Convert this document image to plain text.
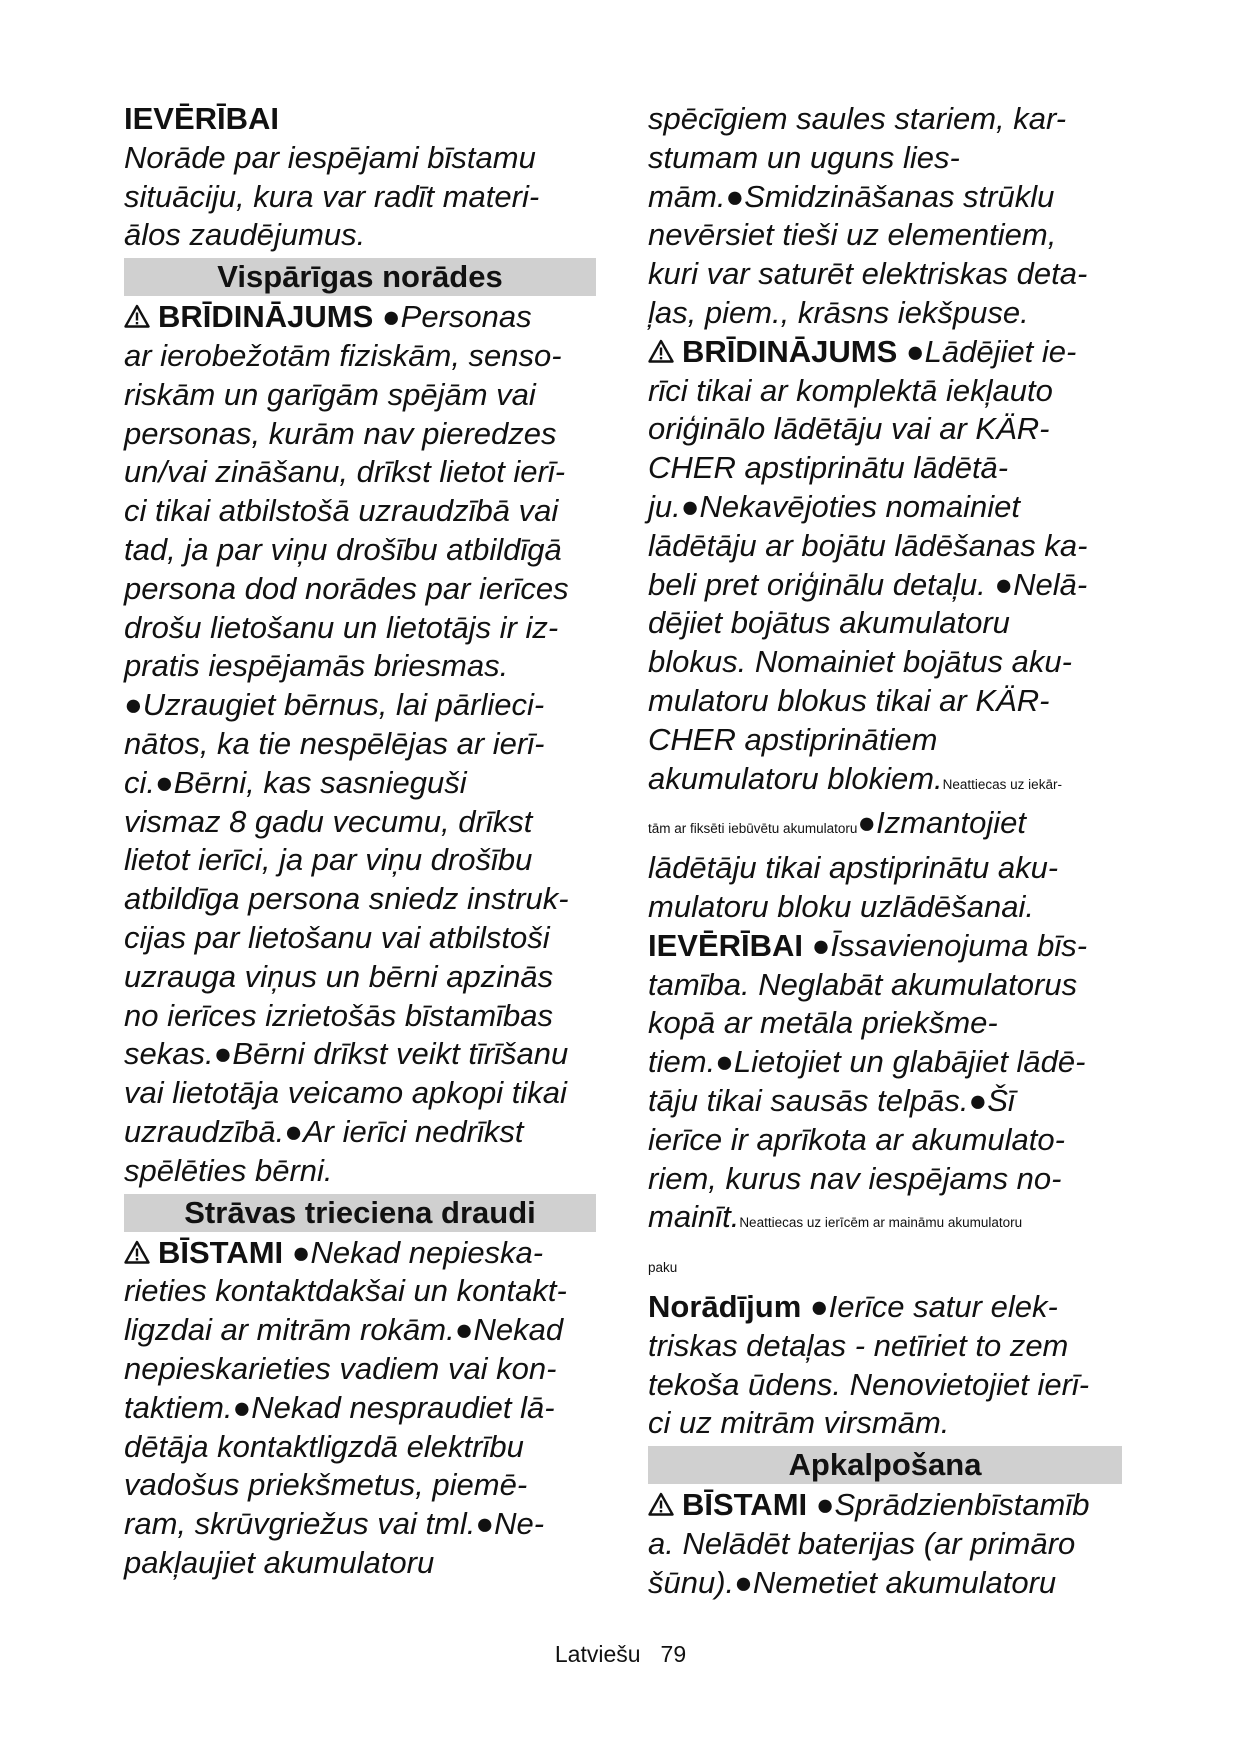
IEVĒRĪBAI
Norāde par iespējami bīstamu
situāciju, kura var radīt materi-
ālos zaudējumus.
Vispārīgas norādes
BRĪDINĀJUMS ●Personas
ar ierobežotām fiziskām, senso-
riskām un garīgām spējām vai
personas, kurām nav pieredzes
un/vai zināšanu, drīkst lietot ierī-
ci tikai atbilstošā uzraudzībā vai
tad, ja par viņu drošību atbildīgā
persona dod norādes par ierīces
drošu lietošanu un lietotājs ir iz-
pratis iespējamās briesmas.
●Uzraugiet bērnus, lai pārlieci-
nātos, ka tie nespēlējas ar ierī-
ci.●Bērni, kas sasnieguši
vismaz 8 gadu vecumu, drīkst
lietot ierīci, ja par viņu drošību
atbildīga persona sniedz instruk-
cijas par lietošanu vai atbilstoši
uzrauga viņus un bērni apzinās
no ierīces izrietošās bīstamības
sekas.●Bērni drīkst veikt tīrīšanu
vai lietotāja veicamo apkopi tikai
uzraudzībā.●Ar ierīci nedrīkst
spēlēties bērni.
Strāvas trieciena draudi
BĪSTAMI ●Nekad nepieska-
rieties kontaktdakšai un kontakt-
ligzdai ar mitrām rokām.●Nekad
nepieskarieties vadiem vai kon-
taktiem.●Nekad nespraudiet lā-
dētāja kontaktligzdā elektrību
vadošus priekšmetus, piemē-
ram, skrūvgriežus vai tml.●Ne-
pakļaujiet akumulatoru
spēcīgiem saules stariem, kar-
stumam un uguns lies-
mām.●Smidzināšanas strūklu
nevērsiet tieši uz elementiem,
kuri var saturēt elektriskas deta-
ļas, piem., krāsns iekšpuse.
BRĪDINĀJUMS ●Lādējiet ie-
rīci tikai ar komplektā iekļauto
oriģinālo lādētāju vai ar KÄR-
CHER apstiprinātu lādētā-
ju.●Nekavējoties nomainiet
lādētāju ar bojātu lādēšanas ka-
beli pret oriģinālu detaļu. ●Nelā-
dējiet bojātus akumulatoru
blokus. Nomainiet bojātus aku-
mulatoru blokus tikai ar KÄR-
CHER apstiprinātiem
akumulatoru blokiem.Neattiecas uz iekār-
tām ar fiksēti iebūvētu akumulatoru●Izmantojiet
lādētāju tikai apstiprinātu aku-
mulatoru bloku uzlādēšanai.
IEVĒRĪBAI ●Īssavienojuma bīs-
tamība. Neglabāt akumulatorus
kopā ar metāla priekšme-
tiem.●Lietojiet un glabājiet lādē-
tāju tikai sausās telpās.●Šī
ierīce ir aprīkota ar akumulato-
riem, kurus nav iespējams no-
mainīt.Neattiecas uz ierīcēm ar maināmu akumulatoru
paku
Norādījum ●Ierīce satur elek-
triskas detaļas - netīriet to zem
tekoša ūdens. Nenovietojiet ierī-
ci uz mitrām virsmām.
Apkalpošana
BĪSTAMI ●Sprādzienbīstamīb
a. Nelādēt baterijas (ar primāro
šūnu).●Nemetiet akumulatoru
Latviešu 79
